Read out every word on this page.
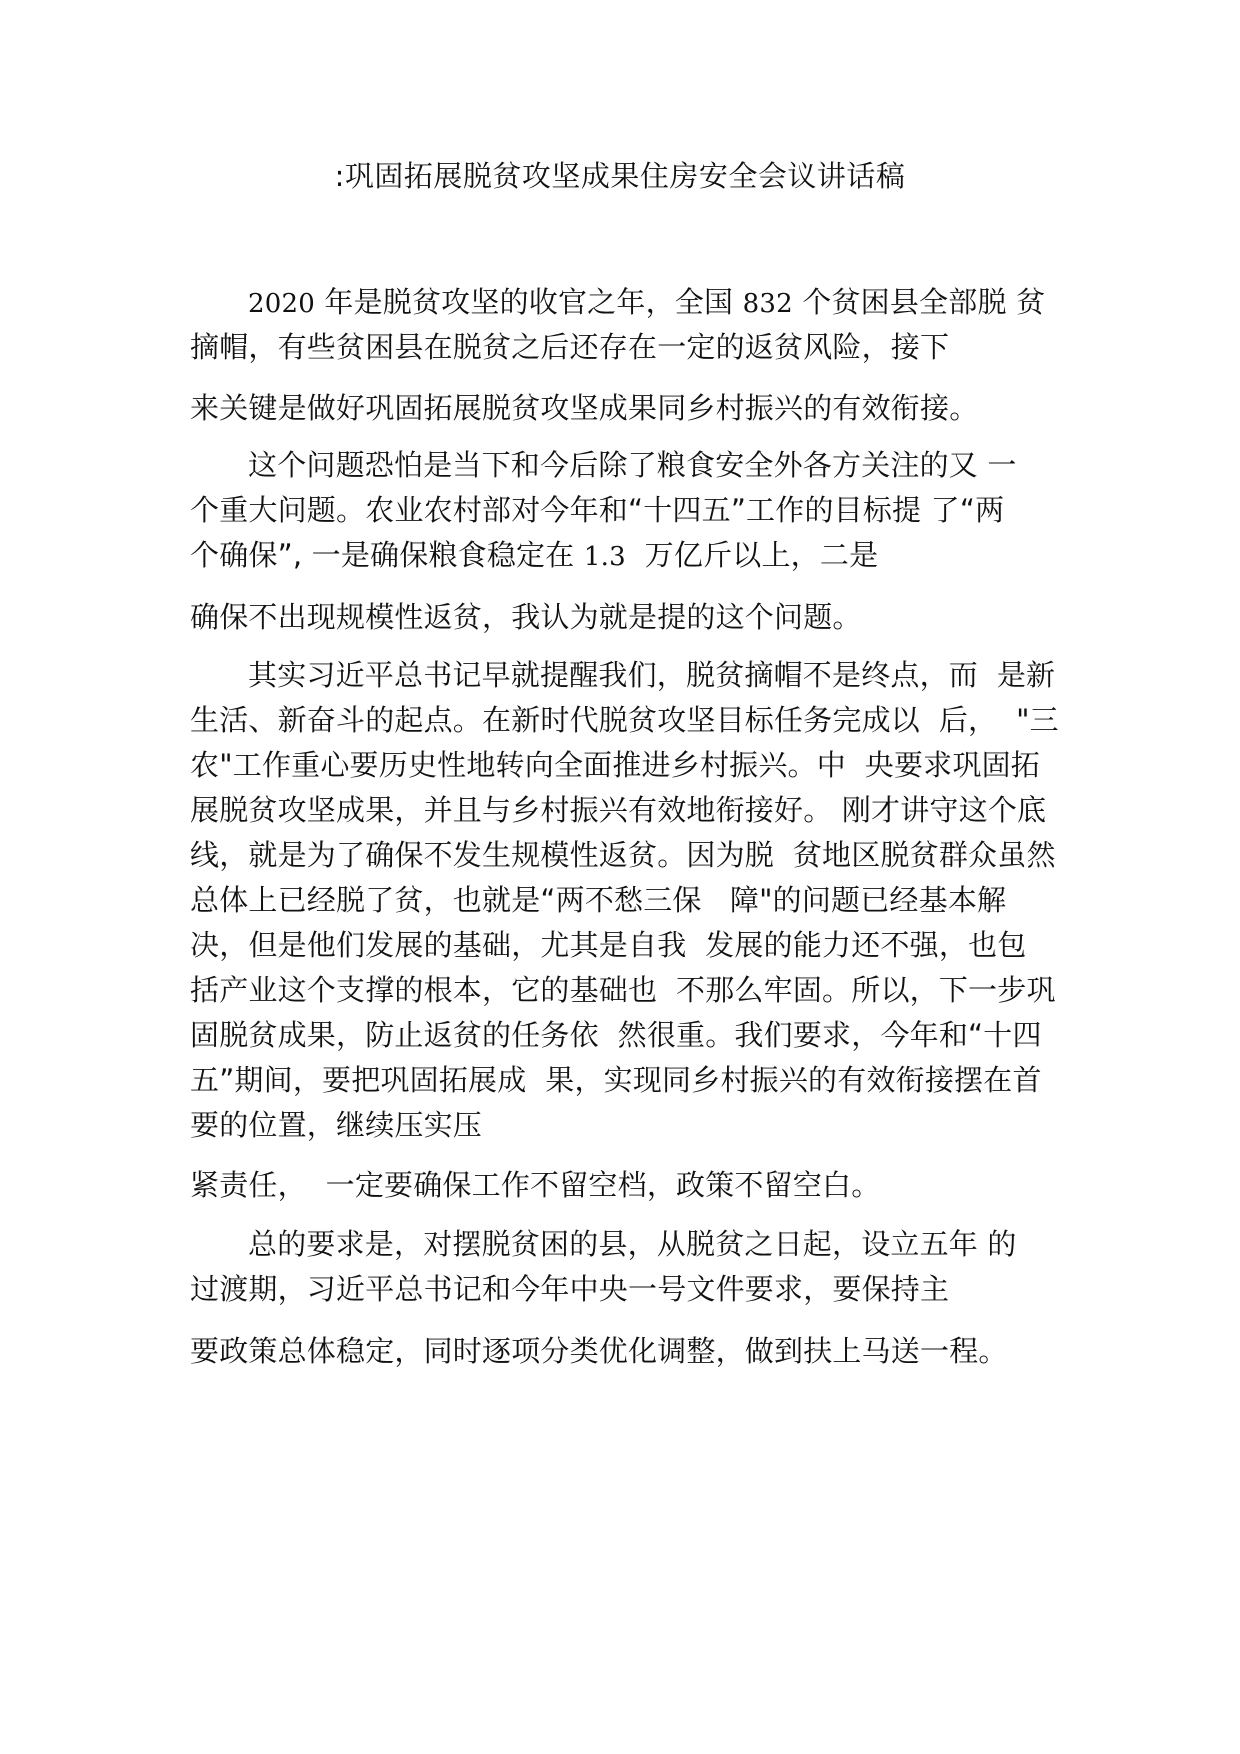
:巩固拓展脱贫攻坚成果住房安全会议讲话稿
2020 年是脱贫攻坚的收官之年，全国 832 个贫困县全部脱 贫
摘帽，有些贫困县在脱贫之后还存在一定的返贫风险，接下
来关键是做好巩固拓展脱贫攻坚成果同乡村振兴的有效衔接。
这个问题恐怕是当下和今后除了粮食安全外各方关注的又 一
个重大问题。农业农村部对今年和“十四五”工作的目标提 了“两
个确保”, 一是确保粮食稳定在 1.3  万亿斤以上，二是
确保不出现规模性返贫，我认为就是提的这个问题。
其实习近平总书记早就提醒我们，脱贫摘帽不是终点，而  是新
生活、新奋斗的起点。在新时代脱贫攻坚目标任务完成以  后，  "三
农"工作重心要历史性地转向全面推进乡村振兴。中  央要求巩固拓
展脱贫攻坚成果，并且与乡村振兴有效地衔接好。 刚才讲守这个底
线，就是为了确保不发生规模性返贫。因为脱  贫地区脱贫群众虽然
总体上已经脱了贫，也就是“两不愁三保   障"的问题已经基本解
决，但是他们发展的基础，尤其是自我  发展的能力还不强，也包
括产业这个支撑的根本，它的基础也  不那么牢固。所以，下一步巩
固脱贫成果，防止返贫的任务依  然很重。我们要求，今年和“十四
五”期间，要把巩固拓展成  果，实现同乡村振兴的有效衔接摆在首
要的位置，继续压实压
紧责任，  一定要确保工作不留空档，政策不留空白。
总的要求是，对摆脱贫困的县，从脱贫之日起，设立五年 的
过渡期，习近平总书记和今年中央一号文件要求，要保持主
要政策总体稳定，同时逐项分类优化调整，做到扶上马送一程。
